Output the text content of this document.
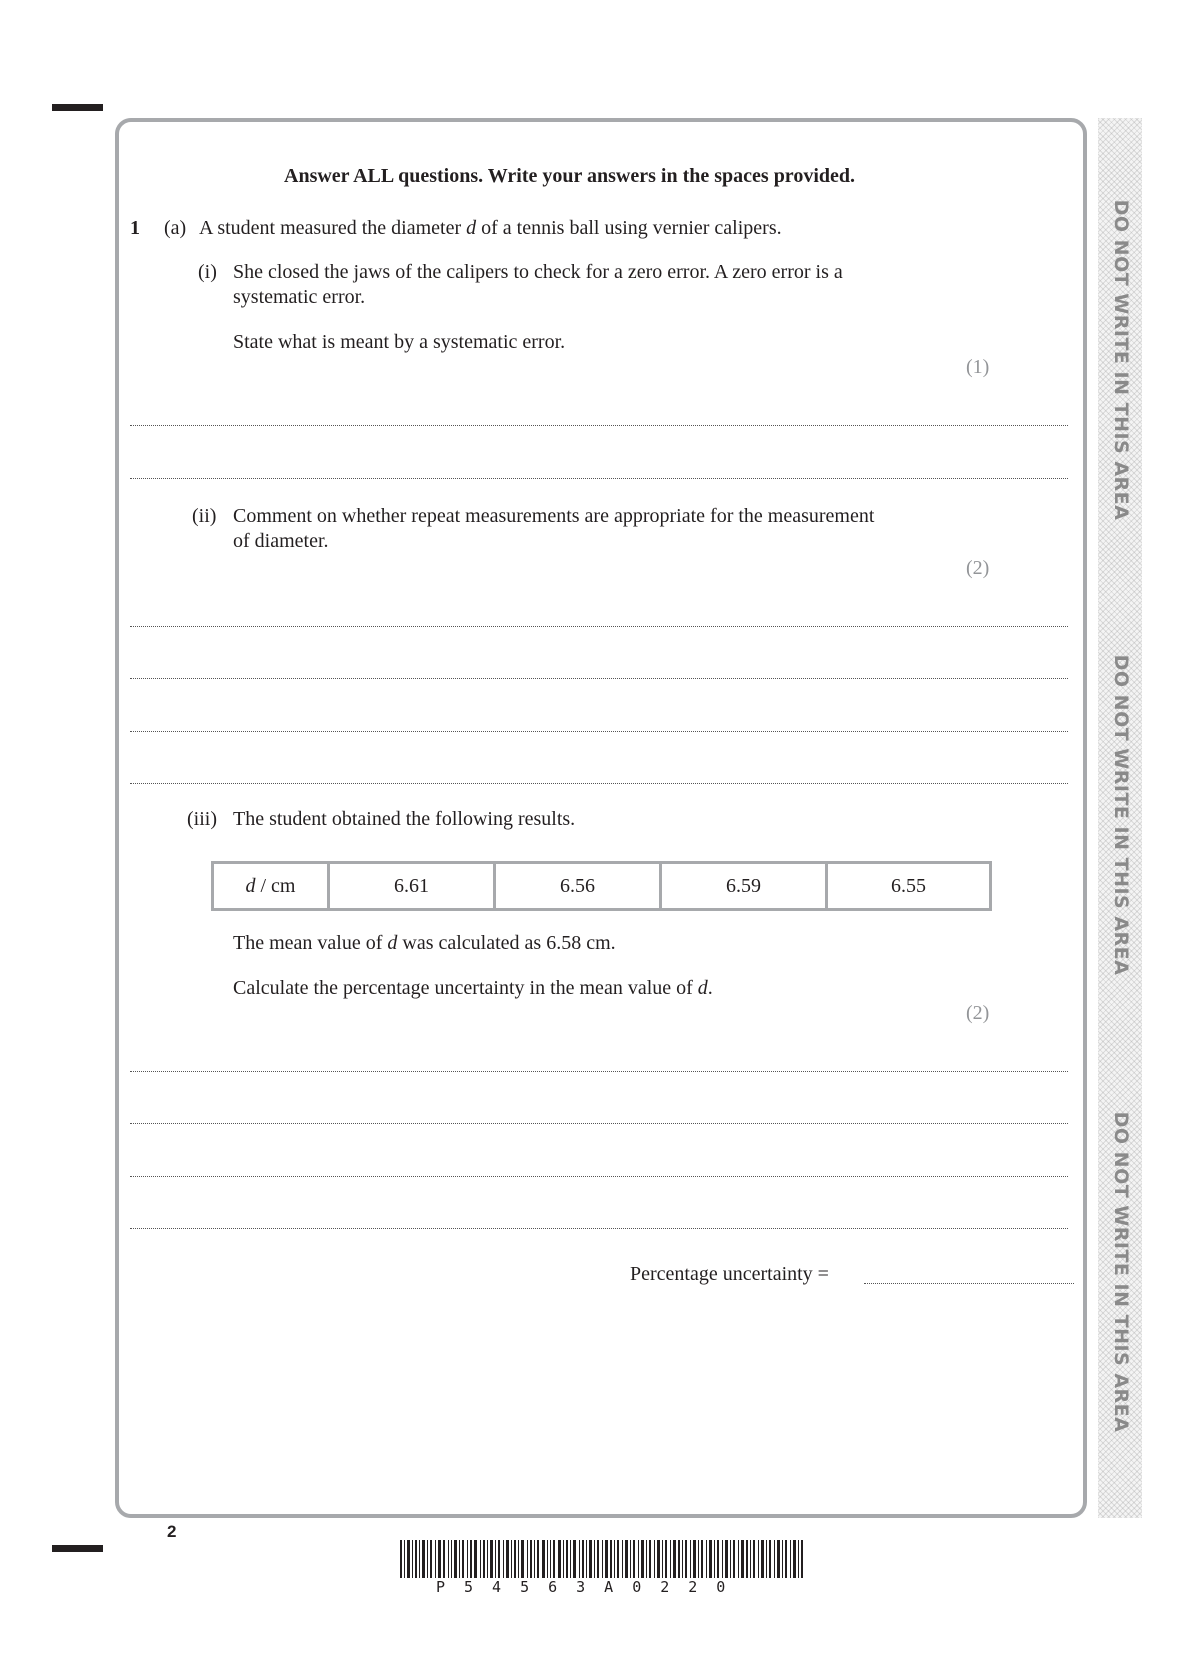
DO NOT WRITE IN THIS AREA
DO NOT WRITE IN THIS AREA
DO NOT WRITE IN THIS AREA
Answer ALL questions. Write your answers in the spaces provided.
1 (a) A student measured the diameter d of a tennis ball using vernier calipers.
(i) She closed the jaws of the calipers to check for a zero error. A zero error is a
systematic error.
State what is meant by a systematic error.
(1)
(ii) Comment on whether repeat measurements are appropriate for the measurement
of diameter.
(2)
(iii) The student obtained the following results.
d / cm	6.61	6.56	6.59	6.55
The mean value of d was calculated as 6.58 cm.
Calculate the percentage uncertainty in the mean value of d.
(2)
Percentage uncertainty =
2
P54563A0220
